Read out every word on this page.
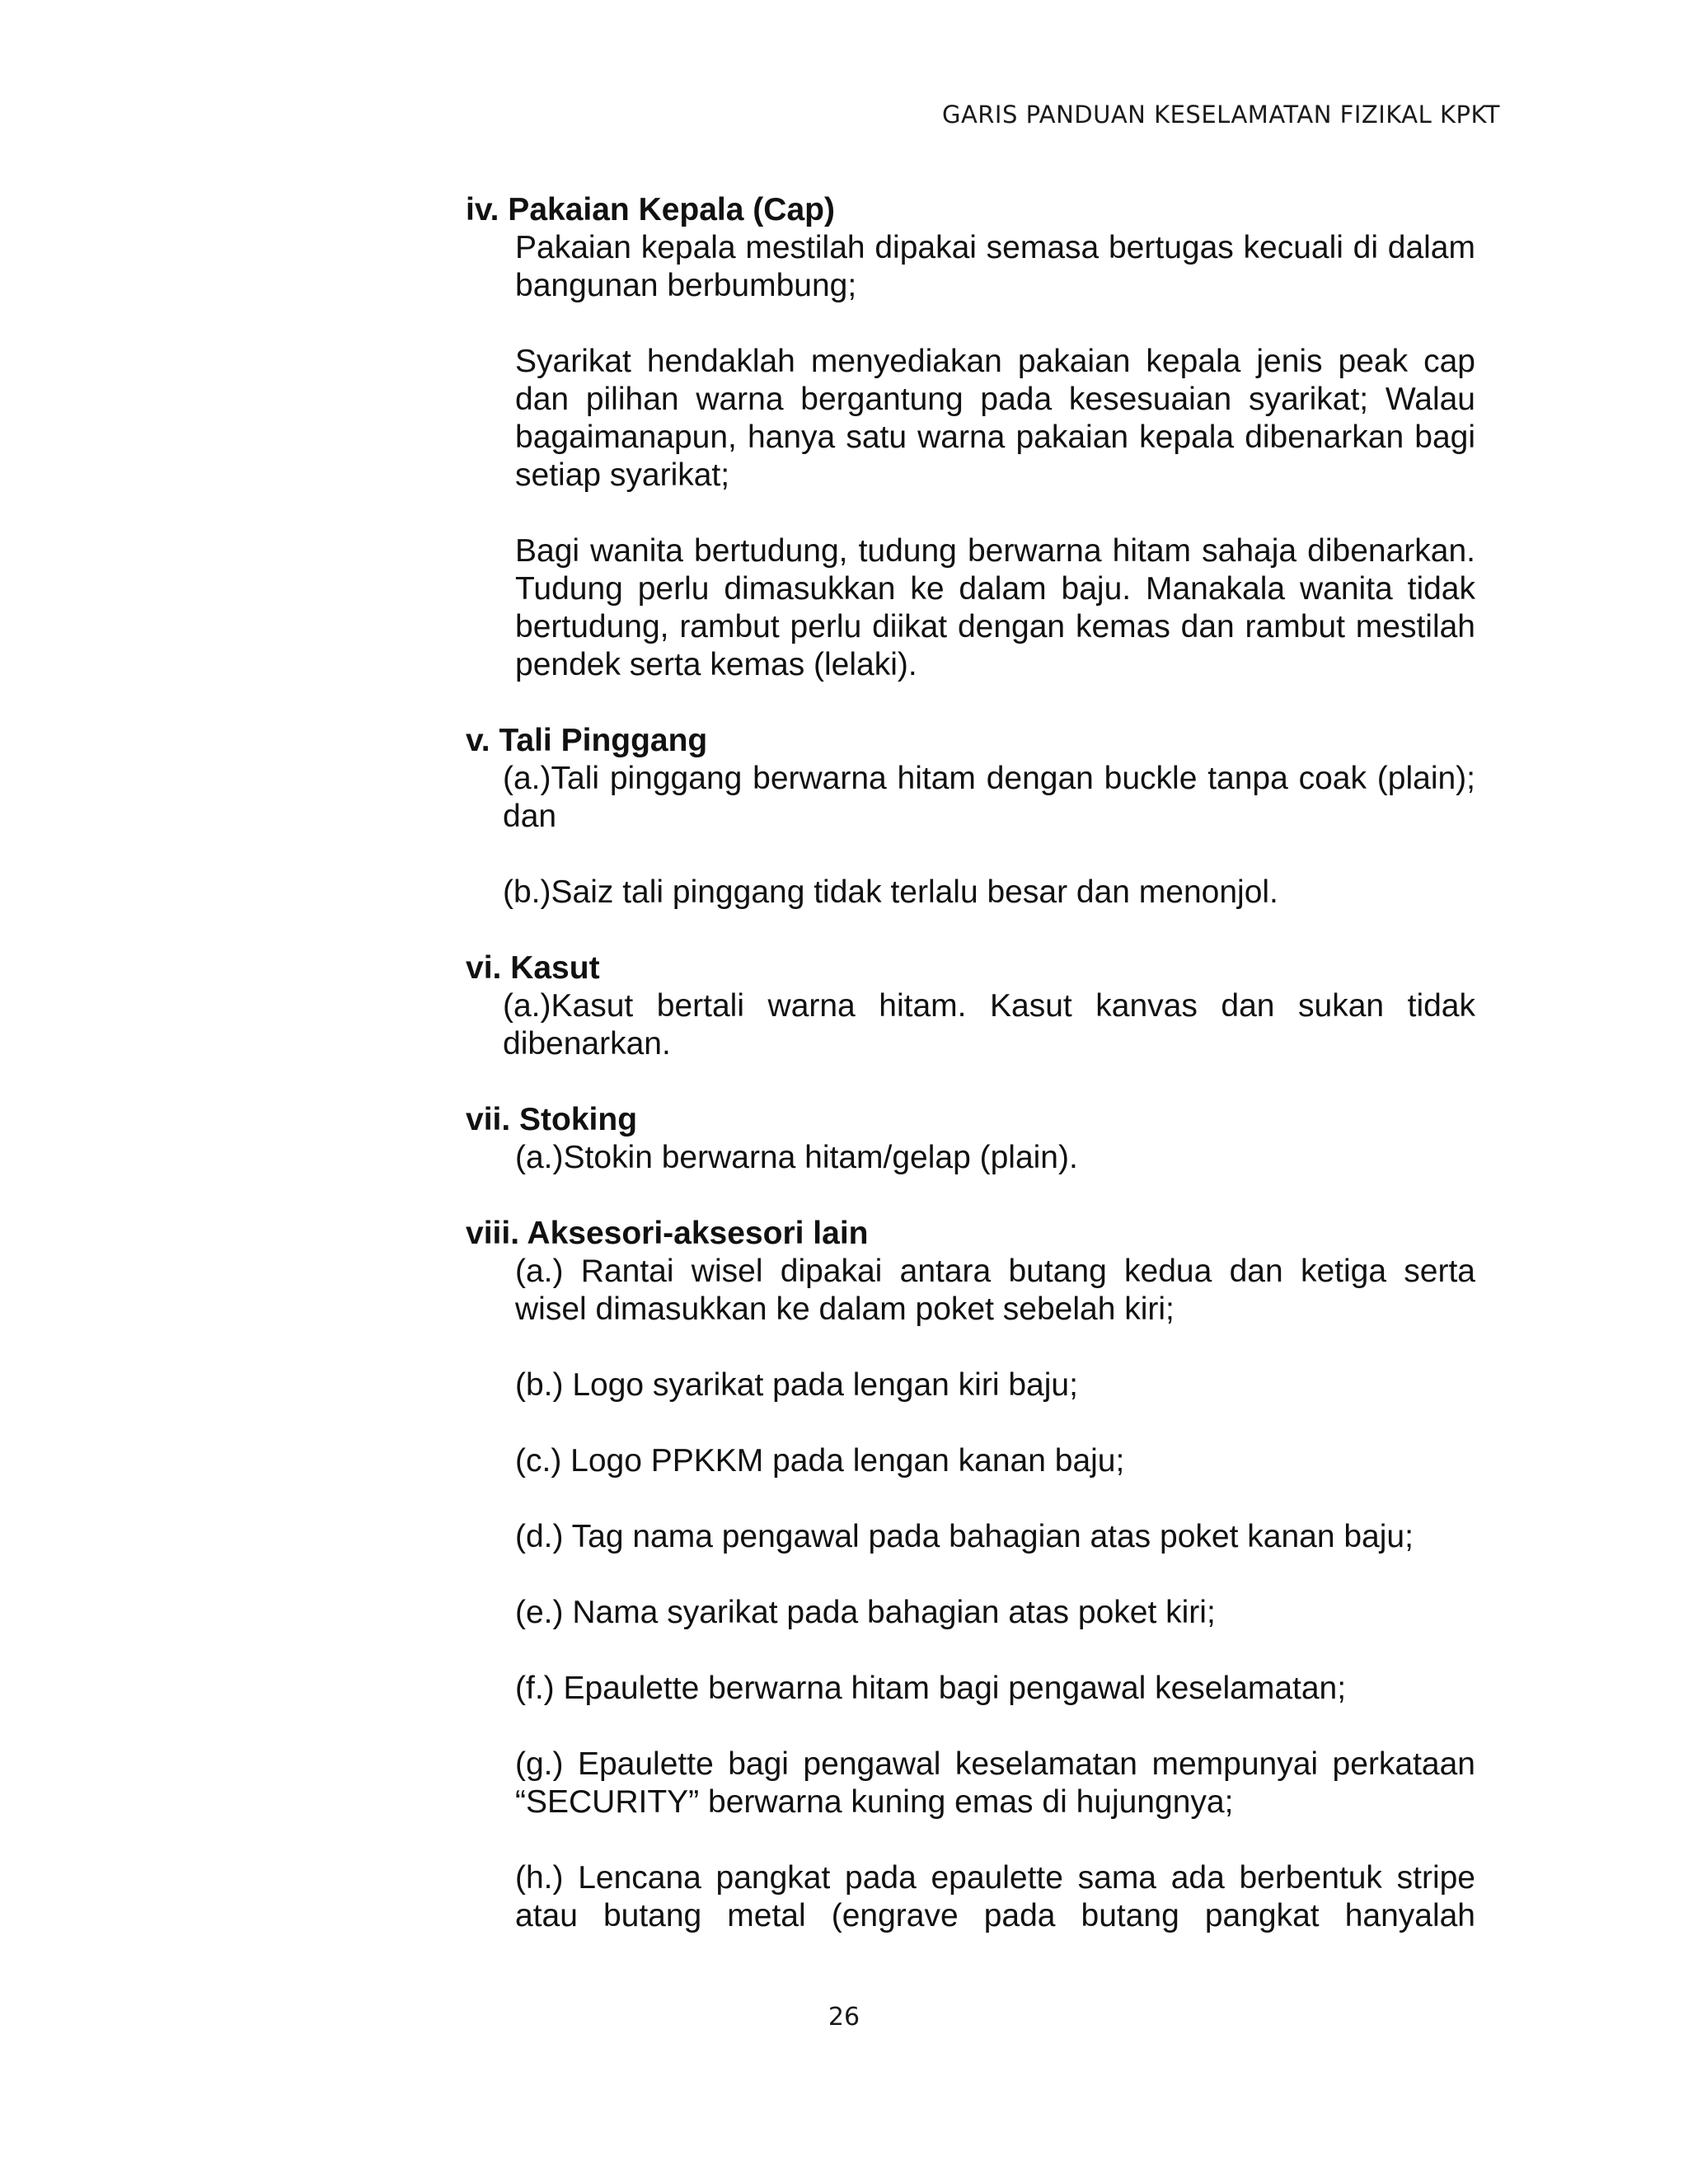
GARIS PANDUAN KESELAMATAN FIZIKAL KPKT

iv. Pakaian Kepala (Cap)

Pakaian kepala mestilah dipakai semasa bertugas kecuali di dalam bangunan berbumbung;

Syarikat hendaklah menyediakan pakaian kepala jenis peak cap dan pilihan warna bergantung pada kesesuaian syarikat; Walau bagaimanapun, hanya satu warna pakaian kepala dibenarkan bagi setiap syarikat;

Bagi wanita bertudung, tudung berwarna hitam sahaja dibenarkan. Tudung perlu dimasukkan ke dalam baju. Manakala wanita tidak bertudung, rambut perlu diikat dengan kemas dan rambut mestilah pendek serta kemas (lelaki).

v. Tali Pinggang

(a.)Tali pinggang berwarna hitam dengan buckle tanpa coak (plain); dan

(b.)Saiz tali pinggang tidak terlalu besar dan menonjol.

vi. Kasut

(a.)Kasut bertali warna hitam. Kasut kanvas dan sukan tidak dibenarkan.

vii. Stoking

(a.)Stokin berwarna hitam/gelap (plain).

viii. Aksesori-aksesori lain

(a.) Rantai wisel dipakai antara butang kedua dan ketiga serta wisel dimasukkan ke dalam poket sebelah kiri;

(b.) Logo syarikat pada lengan kiri baju;

(c.) Logo PPKKM pada lengan kanan baju;

(d.) Tag nama pengawal pada bahagian atas poket kanan baju;

(e.) Nama syarikat pada bahagian atas poket kiri;

(f.) Epaulette berwarna hitam bagi pengawal keselamatan;

(g.) Epaulette bagi pengawal keselamatan mempunyai perkataan “SECURITY” berwarna kuning emas di hujungnya;

(h.) Lencana pangkat pada epaulette sama ada berbentuk stripe atau butang metal (engrave pada butang pangkat hanyalah

26
